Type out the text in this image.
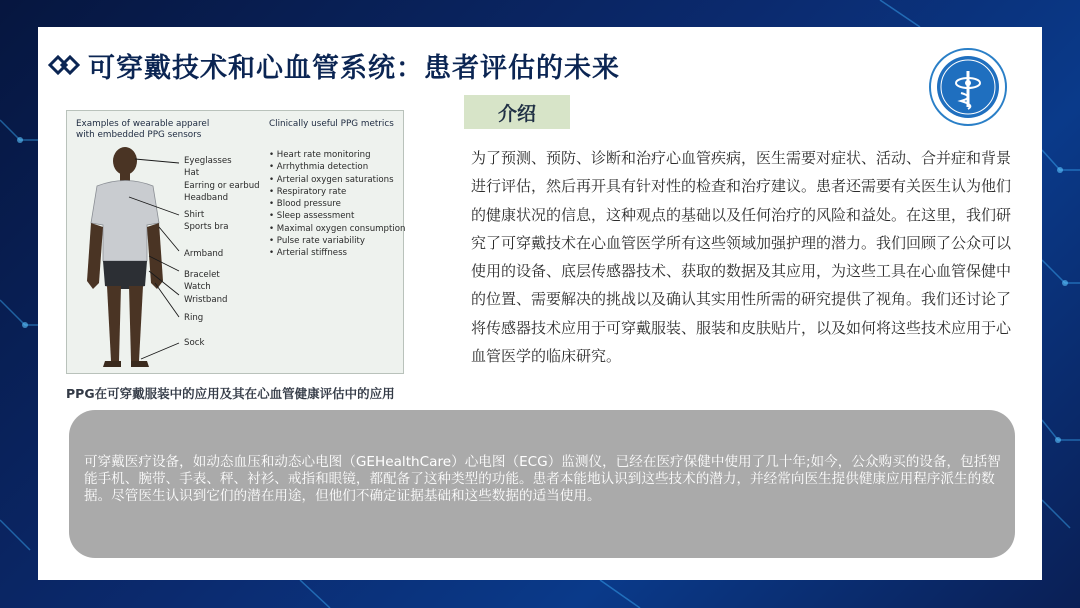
可穿戴技术和心血管系统：患者评估的未来
Examples of wearable apparel
with embedded PPG sensors
Clinically useful PPG metrics
Eyeglasses
Hat
Earring or earbud
Headband
Shirt
Sports bra
Armband
Bracelet
Watch
Wristband
Ring
Sock
• Heart rate monitoring
• Arrhythmia detection
• Arterial oxygen saturations
• Respiratory rate
• Blood pressure
• Sleep assessment
• Maximal oxygen consumption
• Pulse rate variability
• Arterial stiffness
PPG在可穿戴服装中的应用及其在心血管健康评估中的应用
介绍
为了预测、预防、诊断和治疗心血管疾病，医生需要对症状、活动、合并症和背景进行评估，然后再开具有针对性的检查和治疗建议。患者还需要有关医生认为他们的健康状况的信息，这种观点的基础以及任何治疗的风险和益处。在这里，我们研究了可穿戴技术在心血管医学所有这些领域加强护理的潜力。我们回顾了公众可以使用的设备、底层传感器技术、获取的数据及其应用，为这些工具在心血管保健中的位置、需要解决的挑战以及确认其实用性所需的研究提供了视角。我们还讨论了将传感器技术应用于可穿戴服装、服装和皮肤贴片，以及如何将这些技术应用于心血管医学的临床研究。
可穿戴医疗设备，如动态血压和动态心电图（GEHealthCare）心电图（ECG）监测仪，已经在医疗保健中使用了几十年;如今，公众购买的设备，包括智能手机、腕带、手表、秤、衬衫、戒指和眼镜，都配备了这种类型的功能。患者本能地认识到这些技术的潜力，并经常向医生提供健康应用程序派生的数据。尽管医生认识到它们的潜在用途，但他们不确定证据基础和这些数据的适当使用。
